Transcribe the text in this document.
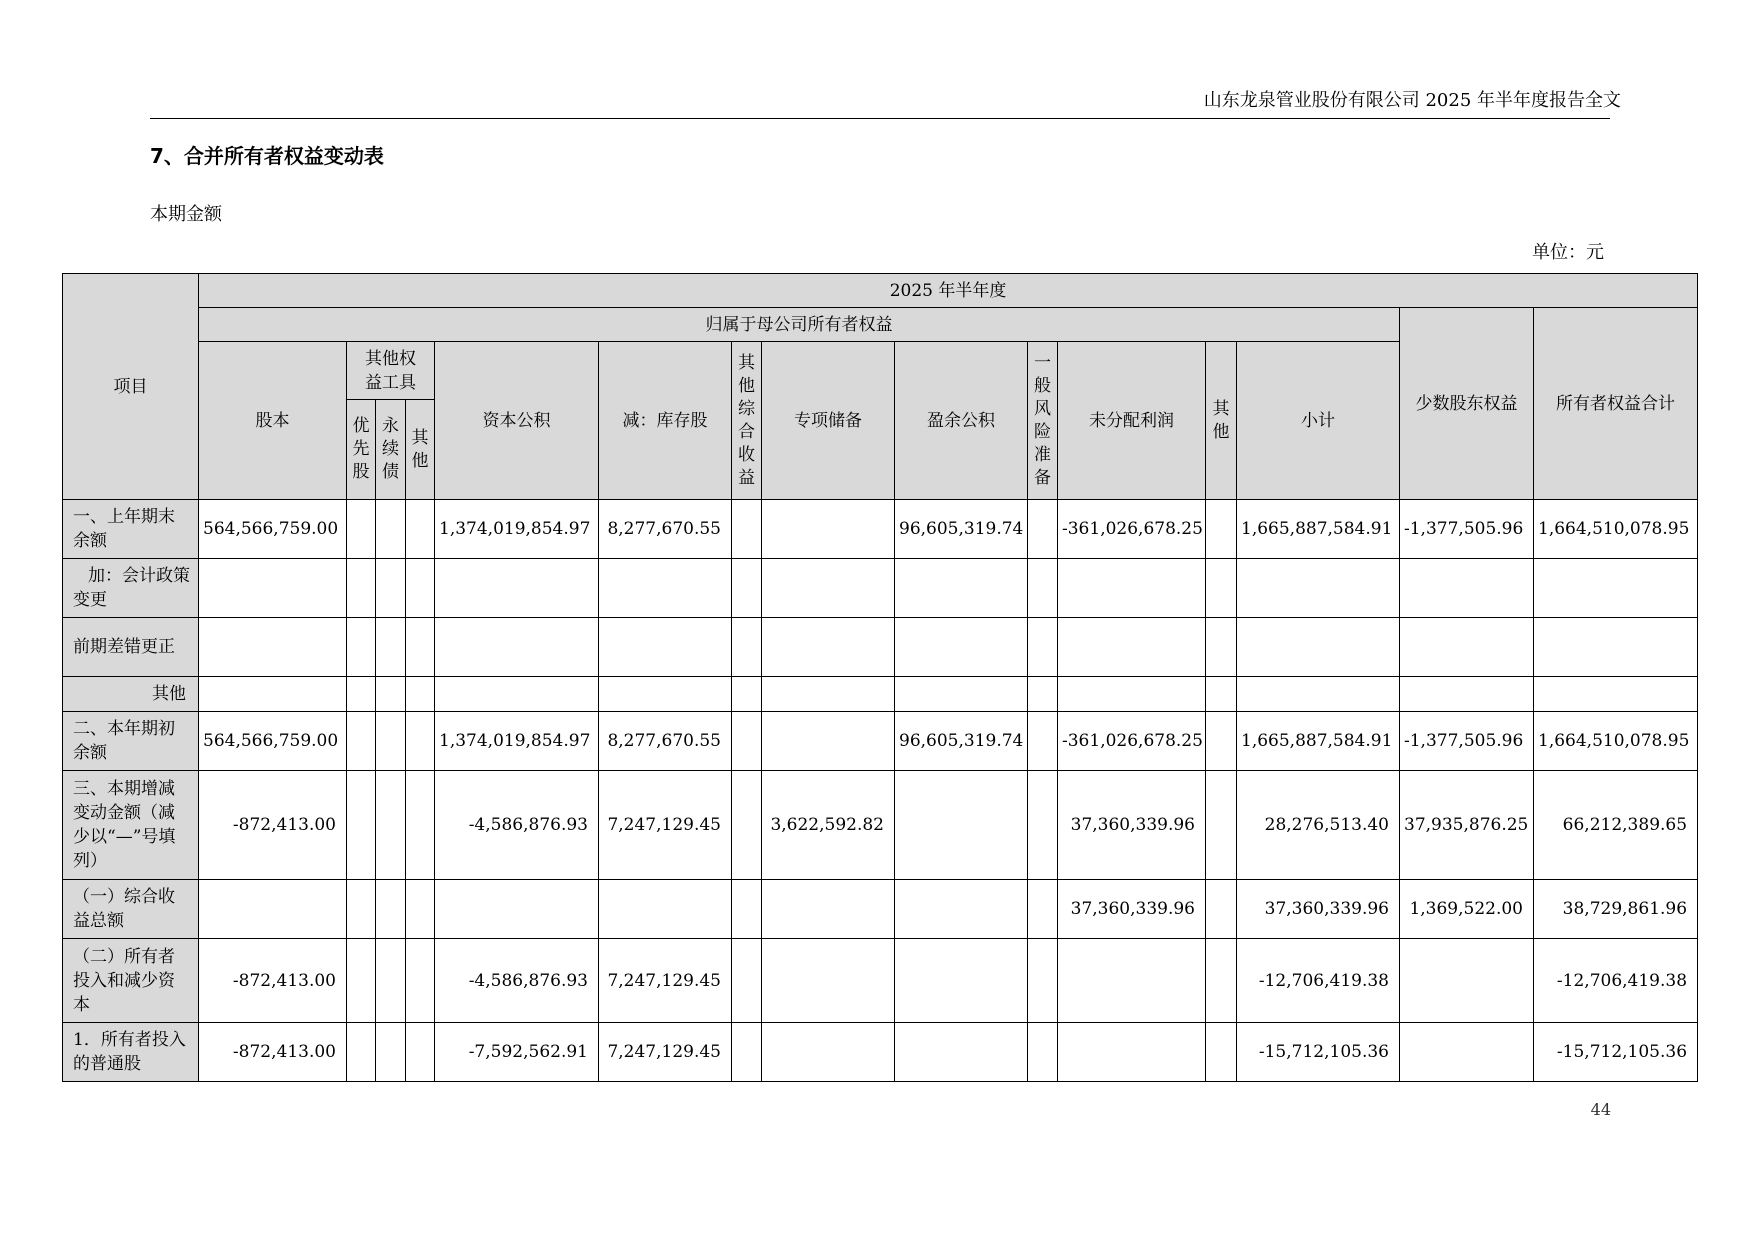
山东龙泉管业股份有限公司 2025 年半年度报告全文
7、合并所有者权益变动表
本期金额
单位：元
项目	2025 年半年度														
	归属于母公司所有者权益													少数股东权益	所有者权益合计
	股本	其他权益工具			资本公积	减：库存股	其他综合收益	专项储备	盈余公积	一般风险准备	未分配利润	其他	小计		
		优先股	永续债	其他											
一、上年期末余额	564,566,759.00				1,374,019,854.97	8,277,670.55			96,605,319.74		-361,026,678.25		1,665,887,584.91	-1,377,505.96	1,664,510,078.95
加：会计政策变更															
前期差错更正															
其他															
二、本年期初余额	564,566,759.00				1,374,019,854.97	8,277,670.55			96,605,319.74		-361,026,678.25		1,665,887,584.91	-1,377,505.96	1,664,510,078.95
三、本期增减变动金额（减少以“—”号填列）	-872,413.00				-4,586,876.93	7,247,129.45		3,622,592.82			37,360,339.96		28,276,513.40	37,935,876.25	66,212,389.65
（一）综合收益总额											37,360,339.96		37,360,339.96	1,369,522.00	38,729,861.96
（二）所有者投入和减少资本	-872,413.00				-4,586,876.93	7,247,129.45							-12,706,419.38		-12,706,419.38
1．所有者投入的普通股	-872,413.00				-7,592,562.91	7,247,129.45							-15,712,105.36		-15,712,105.36
44
